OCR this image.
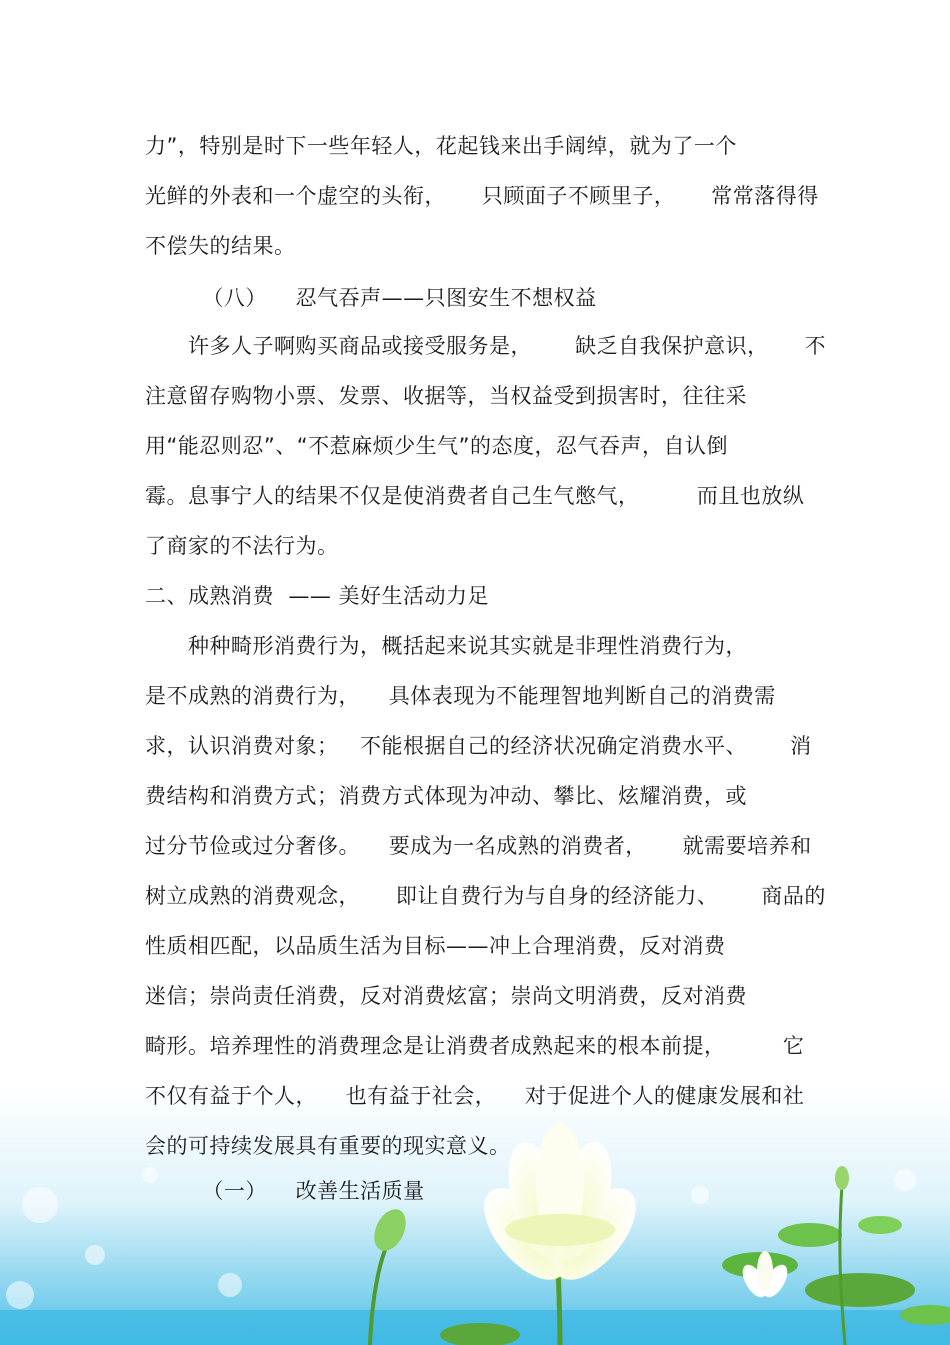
力”，特别是时下一些年轻人，花起钱来出手阔绰，就为了一个
光鲜的外表和一个虚空的头衔，     只顾面子不顾里子，     常常落得得
不偿失的结果。
（八）    忍气吞声——只图安生不想权益
许多人子啊购买商品或接受服务是，      缺乏自我保护意识，     不
注意留存购物小票、发票、收据等，当权益受到损害时，往往采
用“能忍则忍”、“不惹麻烦少生气”的态度，忍气吞声，自认倒
霉。息事宁人的结果不仅是使消费者自己生气憋气，        而且也放纵
了商家的不法行为。
二、成熟消费  —— 美好生活动力足
种种畸形消费行为，概括起来说其实就是非理性消费行为，
是不成熟的消费行为，    具体表现为不能理智地判断自己的消费需
求，认识消费对象；   不能根据自己的经济状况确定消费水平、      消
费结构和消费方式；消费方式体现为冲动、攀比、炫耀消费，或
过分节俭或过分奢侈。    要成为一名成熟的消费者，     就需要培养和
树立成熟的消费观念，     即让自费行为与自身的经济能力、      商品的
性质相匹配，以品质生活为目标——冲上合理消费，反对消费
迷信；崇尚责任消费，反对消费炫富；崇尚文明消费，反对消费
畸形。培养理性的消费理念是让消费者成熟起来的根本前提，        它
不仅有益于个人，    也有益于社会，    对于促进个人的健康发展和社
会的可持续发展具有重要的现实意义。
（一）    改善生活质量
